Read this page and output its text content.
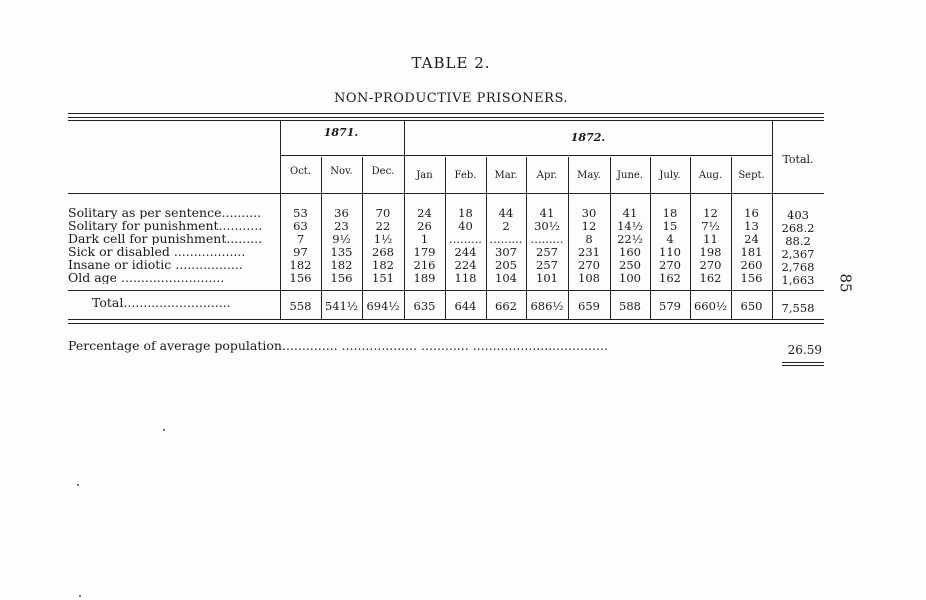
TABLE 2.
NON-PRODUCTIVE PRISONERS.
85
1871.	1872.
Total.
Oct.	Nov.	Dec.	Jan	Feb.	Mar.	Apr.	May.	June.	July.	Aug.	Sept.
Solitary as per sentence..........	53	36	70	24	18	44	41	30	41	18	12	16	403
Solitary for punishment...........	63	23	22	26	40	2	30½	12	14½	15	7½	13	268.2
Dark cell for punishment.........	7	9½	1½	1	......... ......... .........	8	22½	4	11	24	88.2
Sick or disabled ..................	97	135	268	179	244	307	257	231	160	110	198	181	2,367
Insane or idiotic .................	182	182	182	216	224	205	257	270	250	270	270	260	2,768
Old age ..........................	156	156	151	189	118	104	101	108	100	162	162	156	1,663
Total...........................	558	541½ 694½	635	644	662	686½	659	588	579	660½	650	7,558
Percentage of average population.............. ................... ............ ..................................	26.59
